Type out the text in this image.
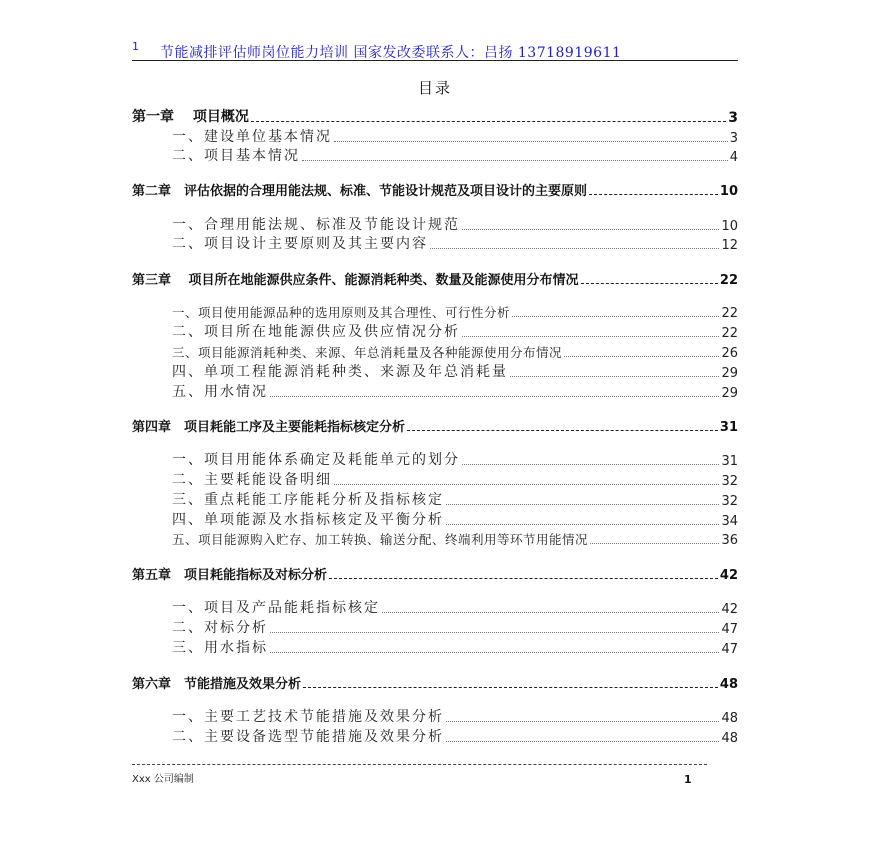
1 节能减排评估师岗位能力培训 国家发改委联系人：吕扬 13718919611
目录
第一章　 项目概况	3
一、建设单位基本情况	3
二、项目基本情况	4
第二章　评估依据的合理用能法规、标准、节能设计规范及项目设计的主要原则	10
一、合理用能法规、标准及节能设计规范	10
二、项目设计主要原则及其主要内容	12
第三章　 项目所在地能源供应条件、能源消耗种类、数量及能源使用分布情况	22
一、项目使用能源品种的选用原则及其合理性、可行性分析	22
二、项目所在地能源供应及供应情况分析	22
三、项目能源消耗种类、来源、年总消耗量及各种能源使用分布情况	26
四、单项工程能源消耗种类、来源及年总消耗量	29
五、用水情况	29
第四章　项目耗能工序及主要能耗指标核定分析	31
一、项目用能体系确定及耗能单元的划分	31
二、主要耗能设备明细	32
三、重点耗能工序能耗分析及指标核定	32
四、单项能源及水指标核定及平衡分析	34
五、项目能源购入贮存、加工转换、输送分配、终端利用等环节用能情况	36
第五章　项目耗能指标及对标分析	42
一、项目及产品能耗指标核定	42
二、对标分析	47
三、用水指标	47
第六章　节能措施及效果分析	48
一、主要工艺技术节能措施及效果分析	48
二、主要设备选型节能措施及效果分析	48
Xxx 公司编制	1
